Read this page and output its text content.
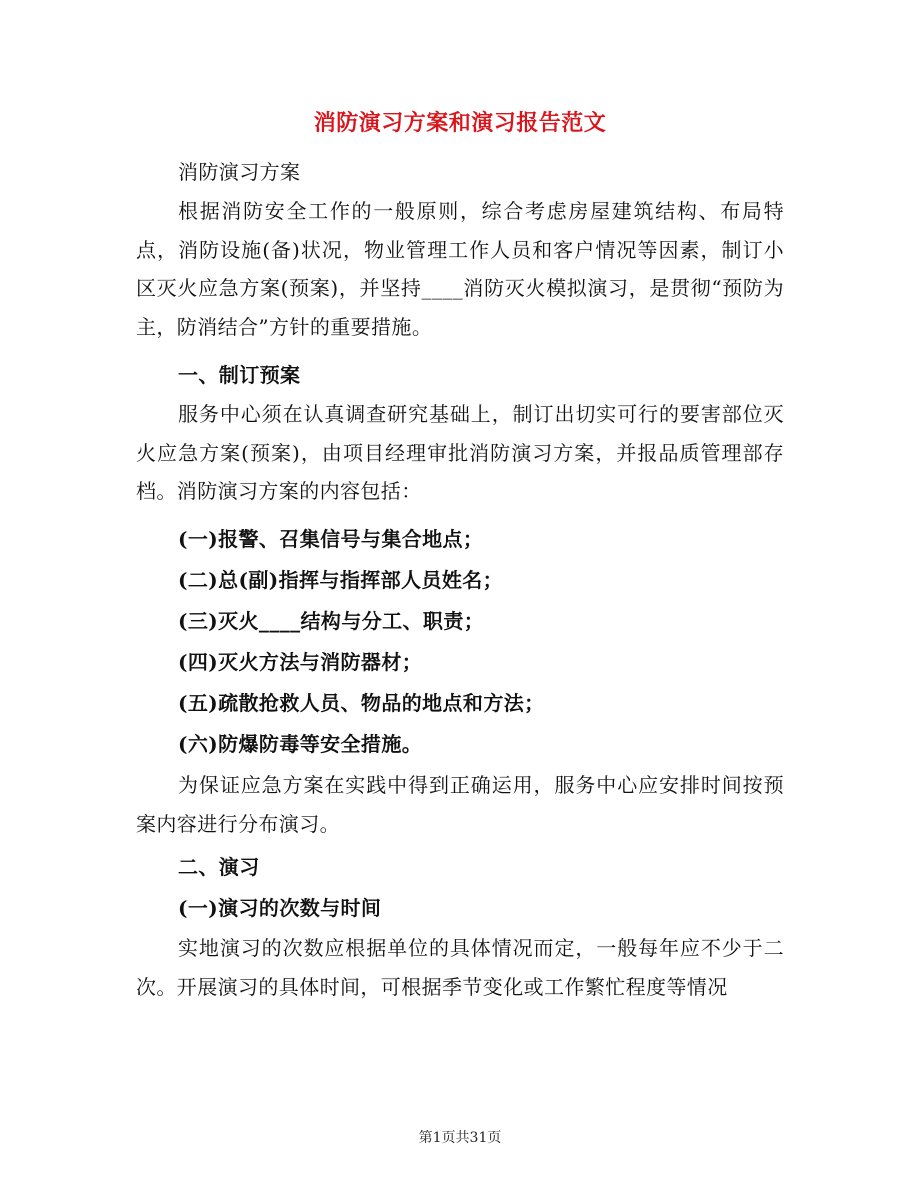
消防演习方案和演习报告范文
消防演习方案
根据消防安全工作的一般原则，综合考虑房屋建筑结构、布局特点，消防设施(备)状况，物业管理工作人员和客户情况等因素，制订小区灭火应急方案(预案)，并坚持____消防灭火模拟演习，是贯彻“预防为主，防消结合”方针的重要措施。
一、制订预案
服务中心须在认真调查研究基础上，制订出切实可行的要害部位灭火应急方案(预案)，由项目经理审批消防演习方案，并报品质管理部存档。消防演习方案的内容包括：
(一)报警、召集信号与集合地点；
(二)总(副)指挥与指挥部人员姓名；
(三)灭火____结构与分工、职责；
(四)灭火方法与消防器材；
(五)疏散抢救人员、物品的地点和方法；
(六)防爆防毒等安全措施。
为保证应急方案在实践中得到正确运用，服务中心应安排时间按预案内容进行分布演习。
二、演习
(一)演习的次数与时间
实地演习的次数应根据单位的具体情况而定，一般每年应不少于二次。开展演习的具体时间，可根据季节变化或工作繁忙程度等情况
第1页共31页
